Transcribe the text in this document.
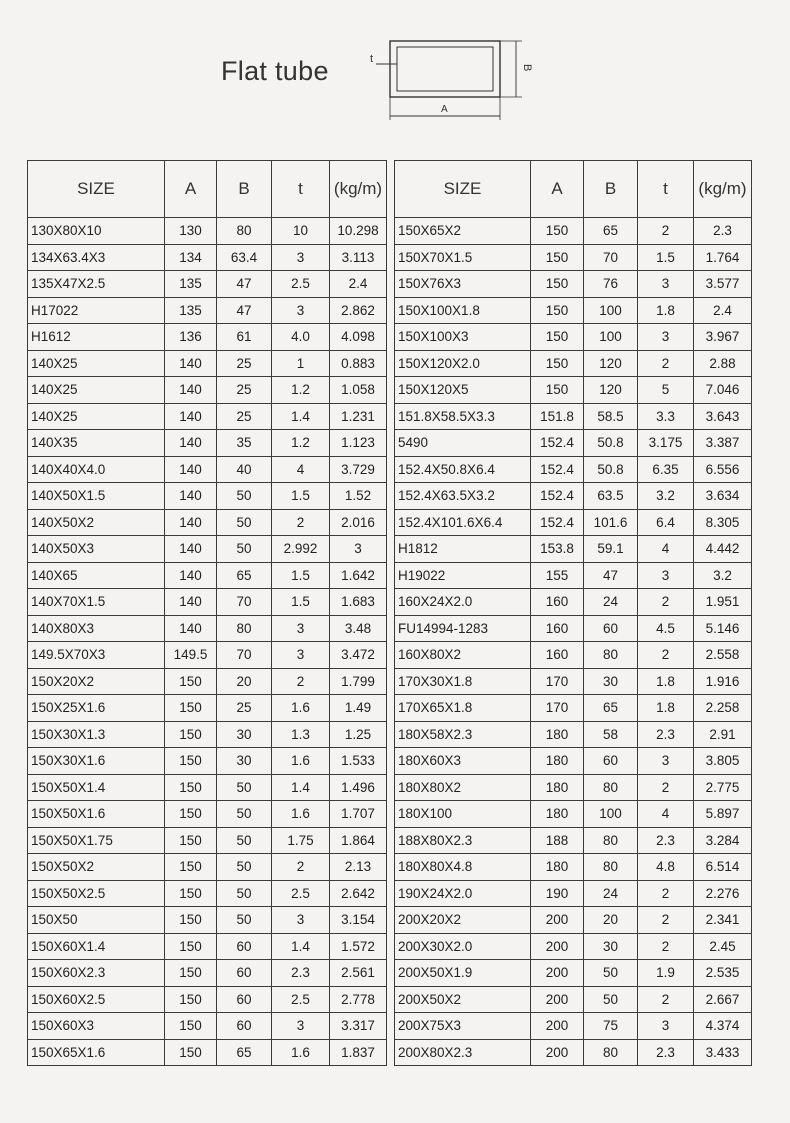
Flat tube	t
B
A
SIZE	A	B	t	(kg/m)
130X80X10	130	80	10	10.298
134X63.4X3	134	63.4	3	3.113
135X47X2.5	135	47	2.5	2.4
H17022	135	47	3	2.862
H1612	136	61	4.0	4.098
140X25	140	25	1	0.883
140X25	140	25	1.2	1.058
140X25	140	25	1.4	1.231
140X35	140	35	1.2	1.123
140X40X4.0	140	40	4	3.729
140X50X1.5	140	50	1.5	1.52
140X50X2	140	50	2	2.016
140X50X3	140	50	2.992	3
140X65	140	65	1.5	1.642
140X70X1.5	140	70	1.5	1.683
140X80X3	140	80	3	3.48
149.5X70X3	149.5	70	3	3.472
150X20X2	150	20	2	1.799
150X25X1.6	150	25	1.6	1.49
150X30X1.3	150	30	1.3	1.25
150X30X1.6	150	30	1.6	1.533
150X50X1.4	150	50	1.4	1.496
150X50X1.6	150	50	1.6	1.707
150X50X1.75	150	50	1.75	1.864
150X50X2	150	50	2	2.13
150X50X2.5	150	50	2.5	2.642
150X50	150	50	3	3.154
150X60X1.4	150	60	1.4	1.572
150X60X2.3	150	60	2.3	2.561
150X60X2.5	150	60	2.5	2.778
150X60X3	150	60	3	3.317
150X65X1.6	150	65	1.6	1.837
SIZE	A	B	t	(kg/m)
150X65X2	150	65	2	2.3
150X70X1.5	150	70	1.5	1.764
150X76X3	150	76	3	3.577
150X100X1.8	150	100	1.8	2.4
150X100X3	150	100	3	3.967
150X120X2.0	150	120	2	2.88
150X120X5	150	120	5	7.046
151.8X58.5X3.3	151.8	58.5	3.3	3.643
5490	152.4	50.8	3.175	3.387
152.4X50.8X6.4	152.4	50.8	6.35	6.556
152.4X63.5X3.2	152.4	63.5	3.2	3.634
152.4X101.6X6.4	152.4	101.6	6.4	8.305
H1812	153.8	59.1	4	4.442
H19022	155	47	3	3.2
160X24X2.0	160	24	2	1.951
FU14994-1283	160	60	4.5	5.146
160X80X2	160	80	2	2.558
170X30X1.8	170	30	1.8	1.916
170X65X1.8	170	65	1.8	2.258
180X58X2.3	180	58	2.3	2.91
180X60X3	180	60	3	3.805
180X80X2	180	80	2	2.775
180X100	180	100	4	5.897
188X80X2.3	188	80	2.3	3.284
180X80X4.8	180	80	4.8	6.514
190X24X2.0	190	24	2	2.276
200X20X2	200	20	2	2.341
200X30X2.0	200	30	2	2.45
200X50X1.9	200	50	1.9	2.535
200X50X2	200	50	2	2.667
200X75X3	200	75	3	4.374
200X80X2.3	200	80	2.3	3.433
